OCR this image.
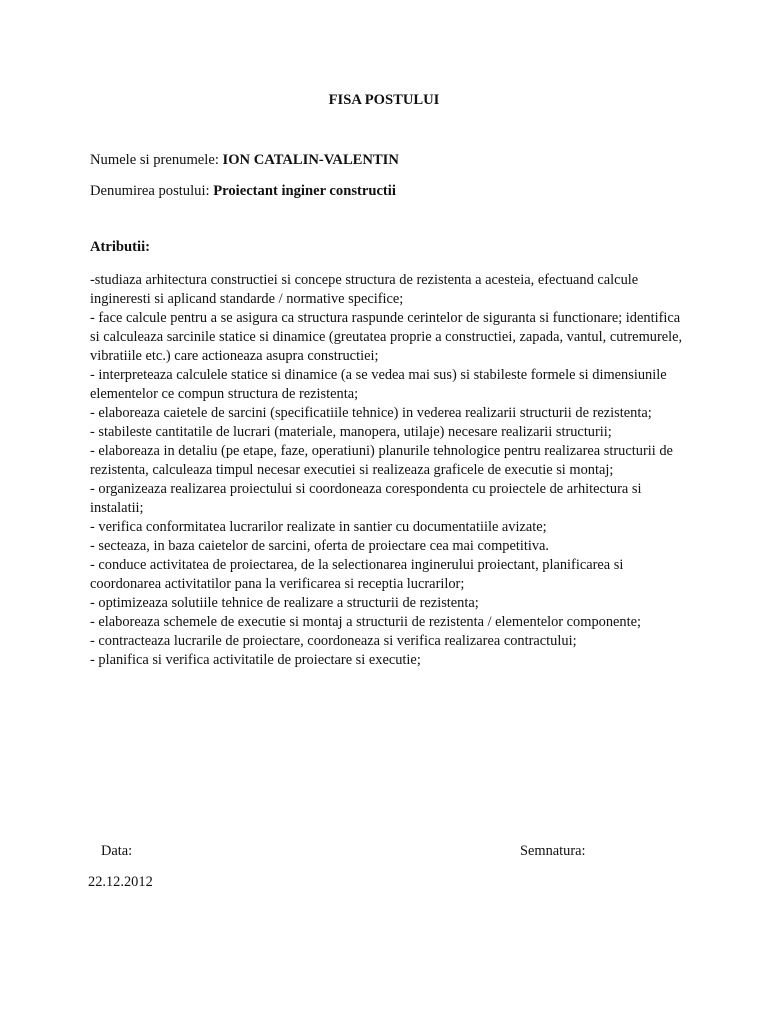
FISA POSTULUI

Numele si prenumele: ION CATALIN-VALENTIN

Denumirea postului: Proiectant inginer constructii

Atributii:

-studiaza arhitectura constructiei si concepe structura de rezistenta a acesteia, efectuand calcule ingineresti si aplicand standarde / normative specifice;
- face calcule pentru a se asigura ca structura raspunde cerintelor de siguranta si functionare; identifica si calculeaza sarcinile statice si dinamice (greutatea proprie a constructiei, zapada, vantul, cutremurele, vibratiile etc.) care actioneaza asupra constructiei;
- interpreteaza calculele statice si dinamice (a se vedea mai sus) si stabileste formele si dimensiunile elementelor ce compun structura de rezistenta;
- elaboreaza caietele de sarcini (specificatiile tehnice) in vederea realizarii structurii de rezistenta;
- stabileste cantitatile de lucrari (materiale, manopera, utilaje) necesare realizarii structurii;
- elaboreaza in detaliu (pe etape, faze, operatiuni) planurile tehnologice pentru realizarea structurii de rezistenta, calculeaza timpul necesar executiei si realizeaza graficele de executie si montaj;
- organizeaza realizarea proiectului si coordoneaza corespondenta cu proiectele de arhitectura si instalatii;
- verifica conformitatea lucrarilor realizate in santier cu documentatiile avizate;
- secteaza, in baza caietelor de sarcini, oferta de proiectare cea mai competitiva.
- conduce activitatea de proiectarea, de la selectionarea inginerului proiectant, planificarea si coordonarea activitatilor pana la verificarea si receptia lucrarilor;
- optimizeaza solutiile tehnice de realizare a structurii de rezistenta;
- elaboreaza schemele de executie si montaj a structurii de rezistenta / elementelor componente;
- contracteaza lucrarile de proiectare, coordoneaza si verifica realizarea contractului;
- planifica si verifica activitatile de proiectare si executie;

Data:	Semnatura:

22.12.2012
